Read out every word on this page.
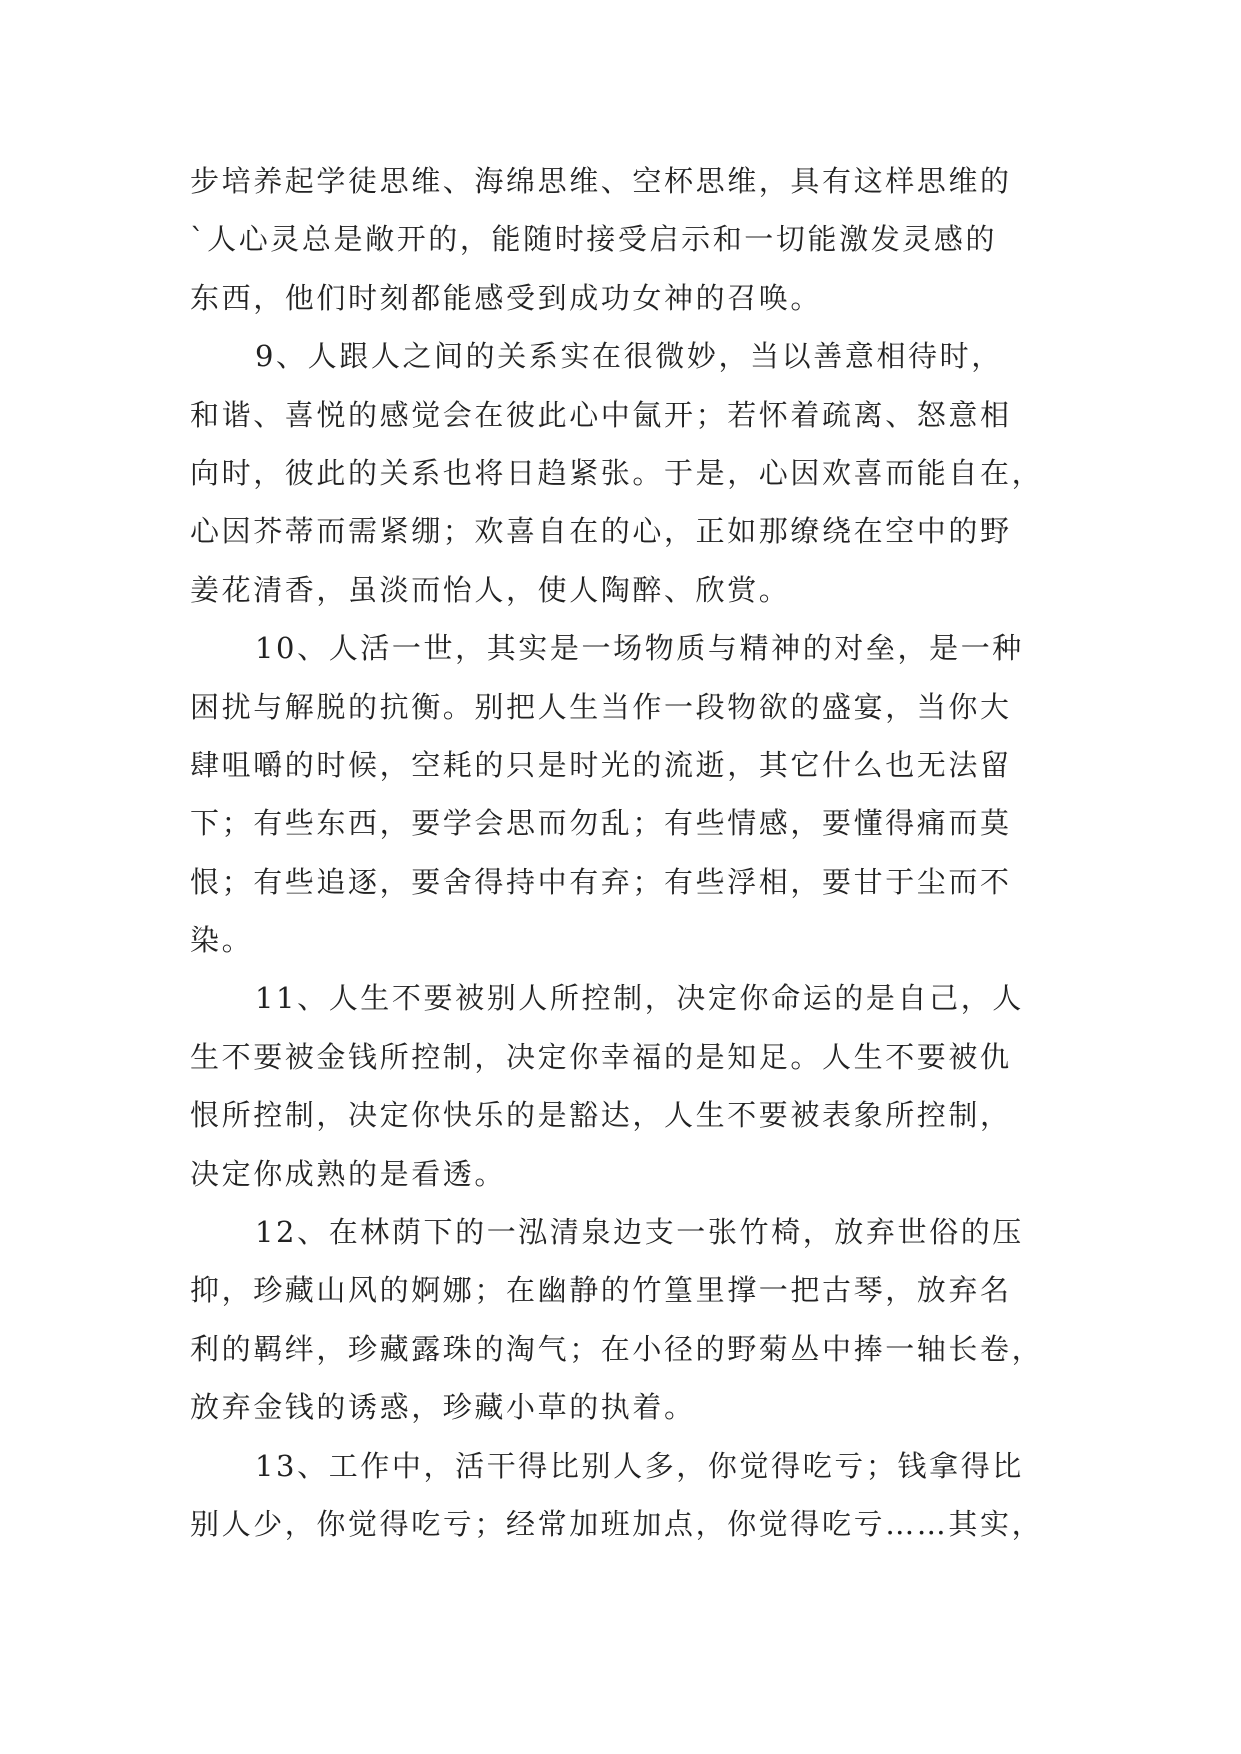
步培养起学徒思维、海绵思维、空杯思维，具有这样思维的
`人心灵总是敞开的，能随时接受启示和一切能激发灵感的
东西，他们时刻都能感受到成功女神的召唤。
9、人跟人之间的关系实在很微妙，当以善意相待时，
和谐、喜悦的感觉会在彼此心中氤开；若怀着疏离、怒意相
向时，彼此的关系也将日趋紧张。于是，心因欢喜而能自在，
心因芥蒂而需紧绷；欢喜自在的心，正如那缭绕在空中的野
姜花清香，虽淡而怡人，使人陶醉、欣赏。
10、人活一世，其实是一场物质与精神的对垒，是一种
困扰与解脱的抗衡。别把人生当作一段物欲的盛宴，当你大
肆咀嚼的时候，空耗的只是时光的流逝，其它什么也无法留
下；有些东西，要学会思而勿乱；有些情感，要懂得痛而莫
恨；有些追逐，要舍得持中有弃；有些浮相，要甘于尘而不
染。
11、人生不要被别人所控制，决定你命运的是自己，人
生不要被金钱所控制，决定你幸福的是知足。人生不要被仇
恨所控制，决定你快乐的是豁达，人生不要被表象所控制，
决定你成熟的是看透。
12、在林荫下的一泓清泉边支一张竹椅，放弃世俗的压
抑，珍藏山风的婀娜；在幽静的竹篁里撑一把古琴，放弃名
利的羁绊，珍藏露珠的淘气；在小径的野菊丛中捧一轴长卷，
放弃金钱的诱惑，珍藏小草的执着。
13、工作中，活干得比别人多，你觉得吃亏；钱拿得比
别人少，你觉得吃亏；经常加班加点，你觉得吃亏……其实，
